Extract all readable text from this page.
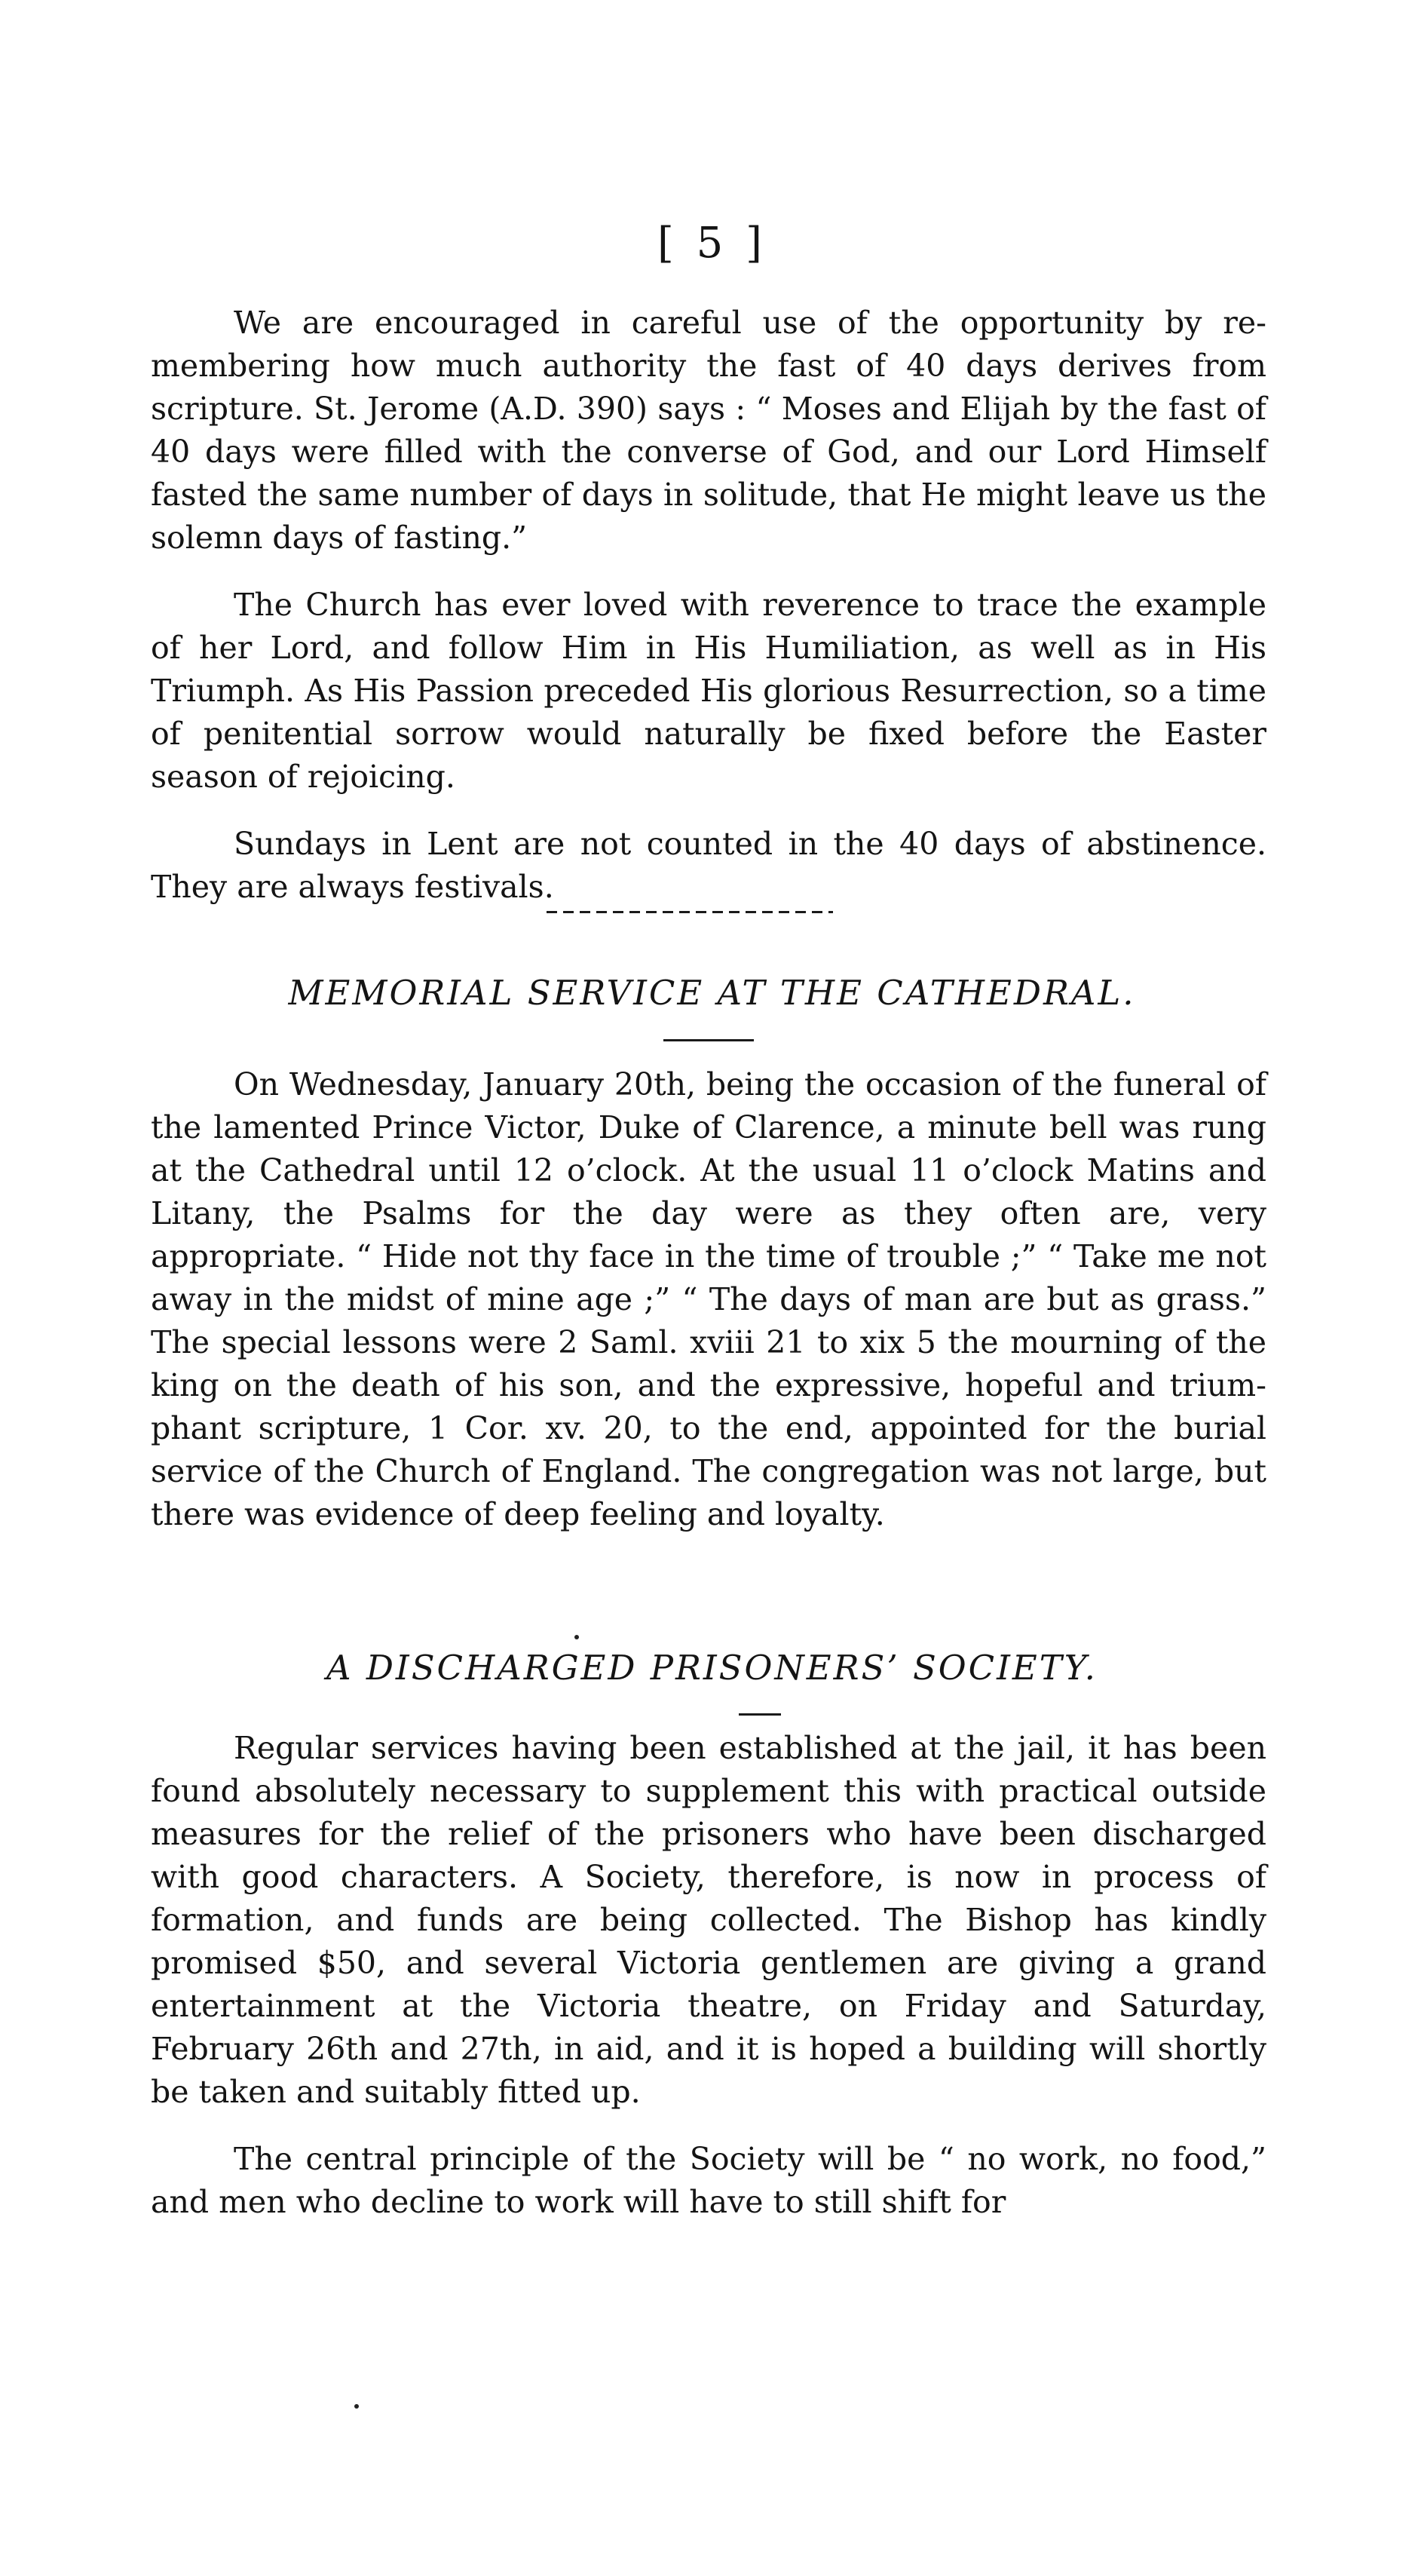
[ 5 ]

We are encouraged in careful use of the opportunity by remembering how much authority the fast of 40 days derives from scripture. St. Jerome (A.D. 390) says : “ Moses and Elijah by the fast of 40 days were filled with the converse of God, and our Lord Himself fasted the same number of days in solitude, that He might leave us the solemn days of fasting.”

The Church has ever loved with reverence to trace the example of her Lord, and follow Him in His Humiliation, as well as in His Triumph. As His Passion preceded His glorious Resurrection, so a time of penitential sorrow would naturally be fixed before the Easter season of rejoicing.

Sundays in Lent are not counted in the 40 days of abstinence. They are always festivals.

MEMORIAL SERVICE AT THE CATHEDRAL.

On Wednesday, January 20th, being the occasion of the funeral of the lamented Prince Victor, Duke of Clarence, a minute bell was rung at the Cathedral until 12 o’clock. At the usual 11 o’clock Matins and Litany, the Psalms for the day were as they often are, very appropriate. “ Hide not thy face in the time of trouble ;” “ Take me not away in the midst of mine age ;” “ The days of man are but as grass.” The special lessons were 2 Saml. xviii 21 to xix 5 the mourning of the king on the death of his son, and the expressive, hopeful and triumphant scripture, 1 Cor. xv. 20, to the end, appointed for the burial service of the Church of England. The congregation was not large, but there was evidence of deep feeling and loyalty.

A DISCHARGED PRISONERS’ SOCIETY.

Regular services having been established at the jail, it has been found absolutely necessary to supplement this with practical outside measures for the relief of the prisoners who have been discharged with good characters. A Society, therefore, is now in process of formation, and funds are being collected. The Bishop has kindly promised $50, and several Victoria gentlemen are giving a grand entertainment at the Victoria theatre, on Friday and Saturday, February 26th and 27th, in aid, and it is hoped a building will shortly be taken and suitably fitted up.

The central principle of the Society will be “ no work, no food,” and men who decline to work will have to still shift for
